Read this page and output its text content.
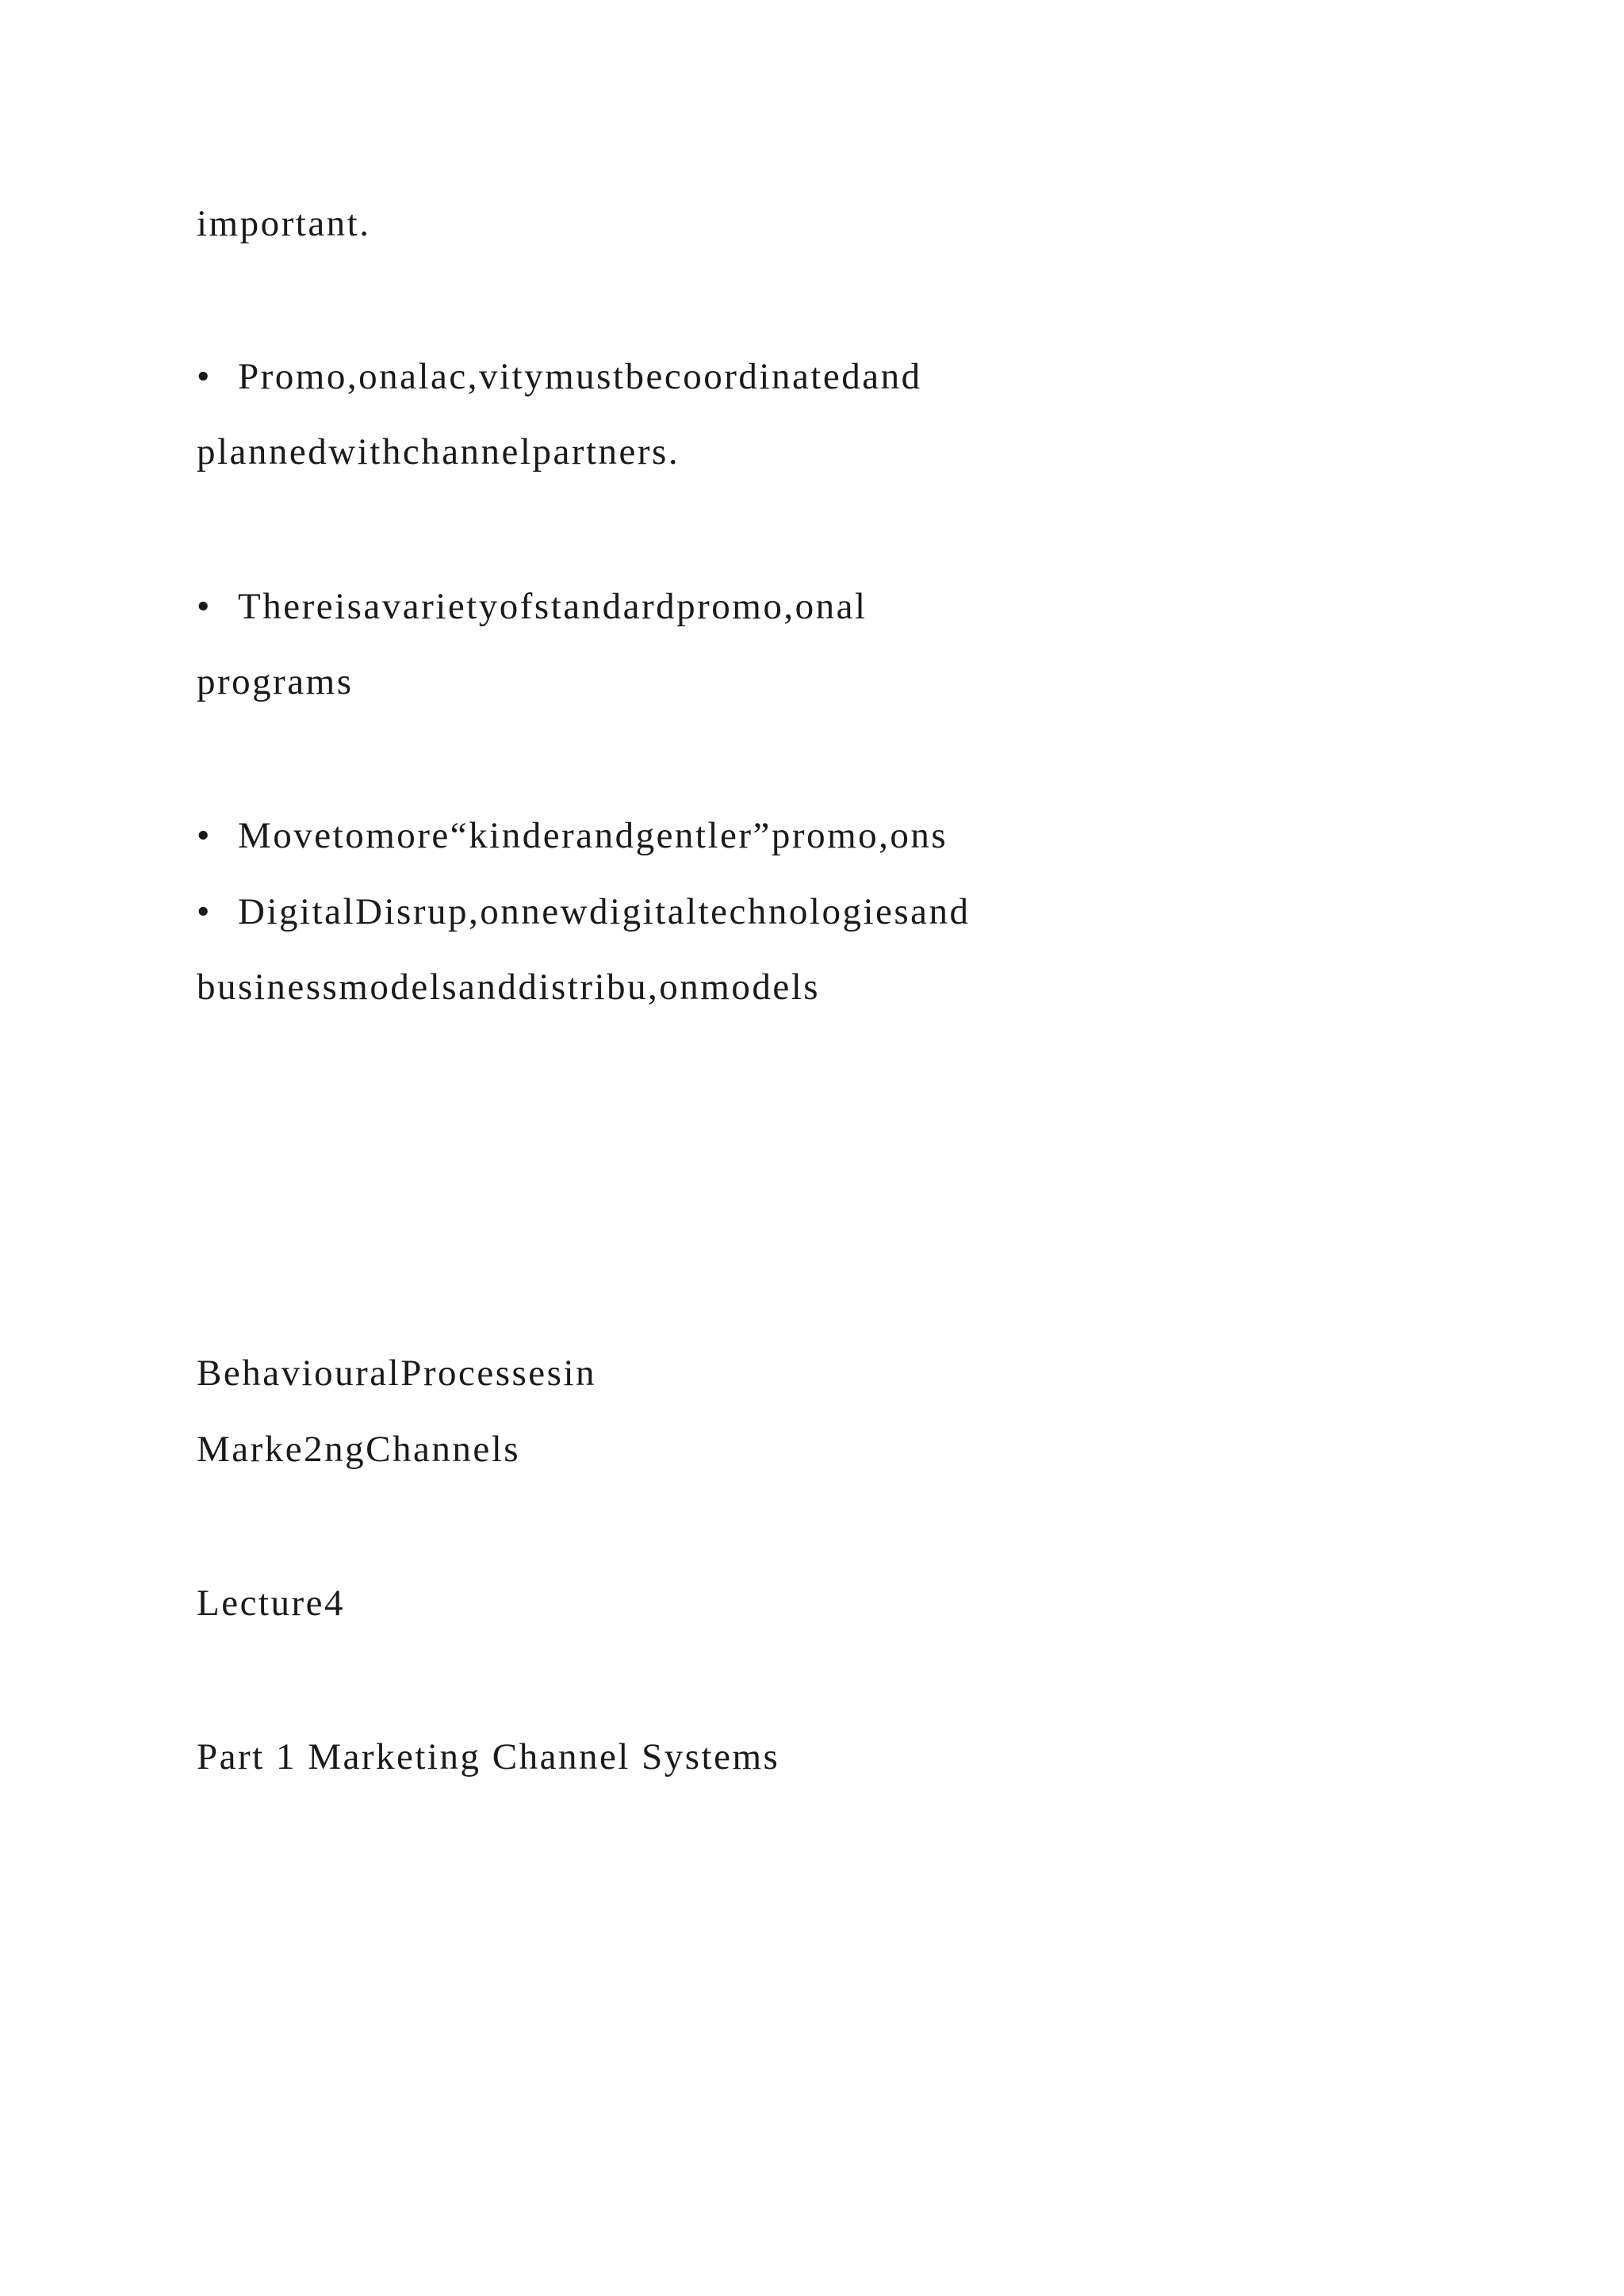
important.
• Promo,onalac,vitymustbecoordinatedand
plannedwithchannelpartners.
• Thereisavarietyofstandardpromo,onal
programs
• Movetomore“kinderandgentler”promo,ons
• DigitalDisrup,onnewdigitaltechnologiesand
businessmodelsanddistribu,onmodels
BehaviouralProcessesin
Marke2ngChannels
Lecture4
Part 1 Marketing Channel Systems
